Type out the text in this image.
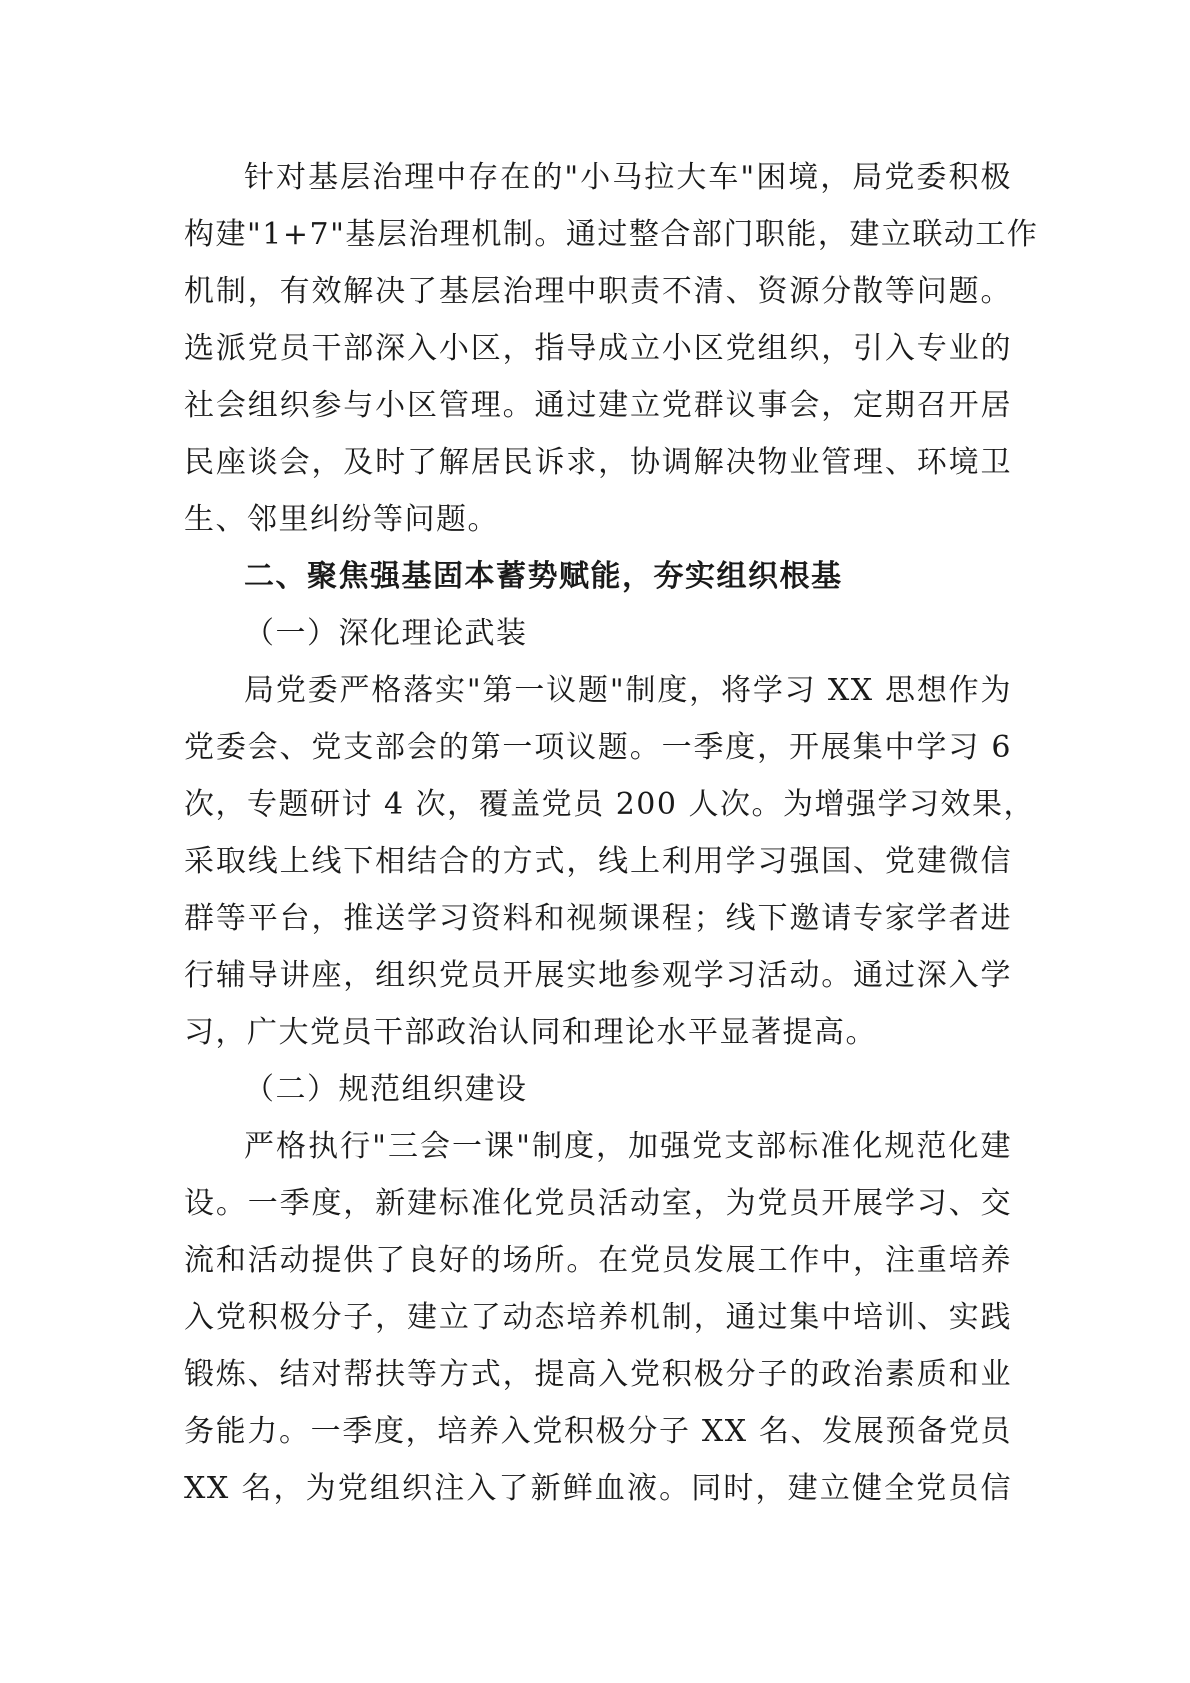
针对基层治理中存在的"小马拉大车"困境，局党委积极
构建"1+7"基层治理机制。通过整合部门职能，建立联动工作
机制，有效解决了基层治理中职责不清、资源分散等问题。
选派党员干部深入小区，指导成立小区党组织，引入专业的
社会组织参与小区管理。通过建立党群议事会，定期召开居
民座谈会，及时了解居民诉求，协调解决物业管理、环境卫
生、邻里纠纷等问题。
二、聚焦强基固本蓄势赋能，夯实组织根基
（一）深化理论武装
局党委严格落实"第一议题"制度，将学习 XX 思想作为
党委会、党支部会的第一项议题。一季度，开展集中学习 6
次，专题研讨 4 次，覆盖党员 200 人次。为增强学习效果，
采取线上线下相结合的方式，线上利用学习强国、党建微信
群等平台，推送学习资料和视频课程；线下邀请专家学者进
行辅导讲座，组织党员开展实地参观学习活动。通过深入学
习，广大党员干部政治认同和理论水平显著提高。
（二）规范组织建设
严格执行"三会一课"制度，加强党支部标准化规范化建
设。一季度，新建标准化党员活动室，为党员开展学习、交
流和活动提供了良好的场所。在党员发展工作中，注重培养
入党积极分子，建立了动态培养机制，通过集中培训、实践
锻炼、结对帮扶等方式，提高入党积极分子的政治素质和业
务能力。一季度，培养入党积极分子 XX 名、发展预备党员
XX 名，为党组织注入了新鲜血液。同时，建立健全党员信
